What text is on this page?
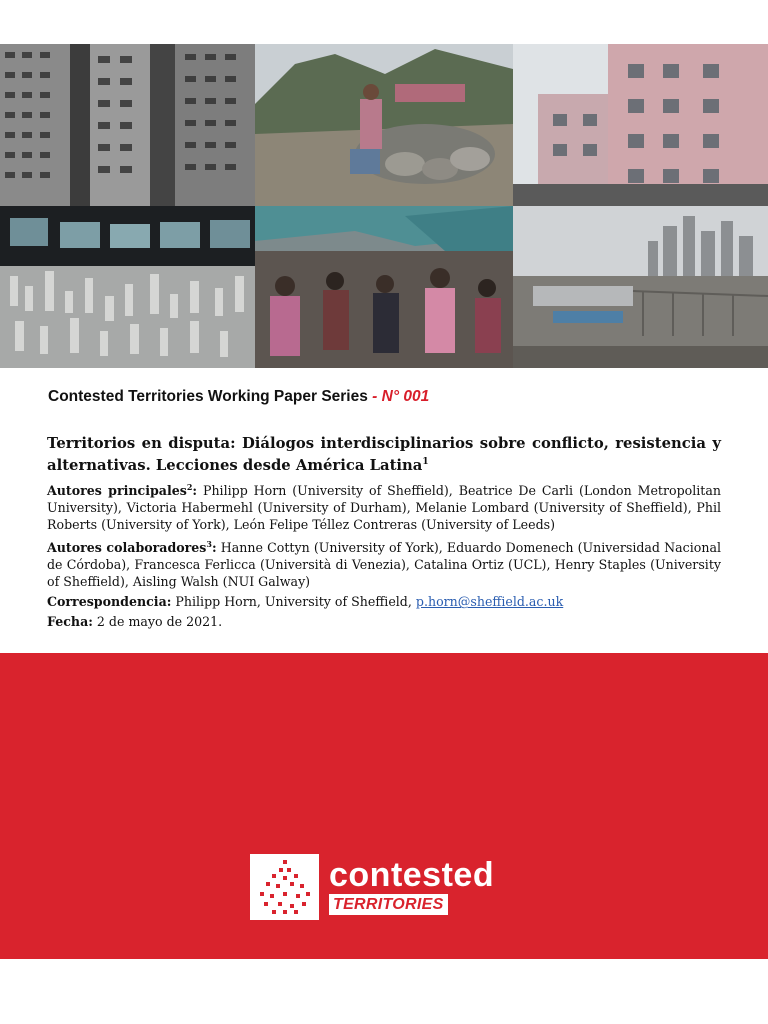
Contested Territories Working Paper Series - N° 001

Territorios en disputa: Diálogos interdisciplinarios sobre conflicto, resistencia y alternativas. Lecciones desde América Latina$^1$

Autores principales$^2$: Philipp Horn (University of Sheffield), Beatrice De Carli (London Metropolitan University), Victoria Habermehl (University of Durham), Melanie Lombard (University of Sheffield), Phil Roberts (University of York), León Felipe Téllez Contreras (University of Leeds)

Autores colaboradores$^3$: Hanne Cottyn (University of York), Eduardo Domenech (Universidad Nacional de Córdoba), Francesca Ferlicca (Università di Venezia), Catalina Ortiz (UCL), Henry Staples (University of Sheffield), Aisling Walsh (NUI Galway)

Correspondencia: Philipp Horn, University of Sheffield, p.horn@sheffield.ac.uk

Fecha: 2 de mayo de 2021.

contested
TERRITORIES
